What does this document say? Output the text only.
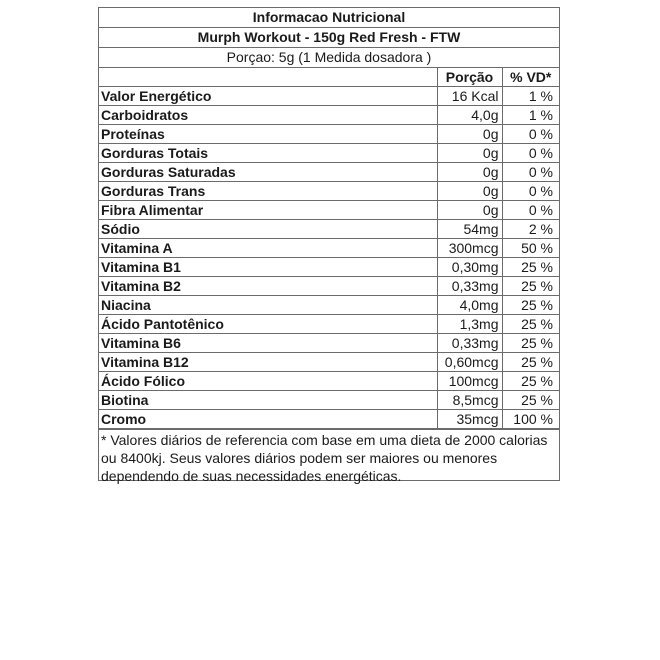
Informacao Nutricional
Murph Workout - 150g Red Fresh - FTW
Porçao: 5g (1 Medida dosadora )
	Porção	% VD*
Valor Energético	16 Kcal	1 %
Carboidratos	4,0g	1 %
Proteínas	0g	0 %
Gorduras Totais	0g	0 %
Gorduras Saturadas	0g	0 %
Gorduras Trans	0g	0 %
Fibra Alimentar	0g	0 %
Sódio	54mg	2 %
Vitamina A	300mcg	50 %
Vitamina B1	0,30mg	25 %
Vitamina B2	0,33mg	25 %
Niacina	4,0mg	25 %
Ácido Pantotênico	1,3mg	25 %
Vitamina B6	0,33mg	25 %
Vitamina B12	0,60mcg	25 %
Ácido Fólico	100mcg	25 %
Biotina	8,5mcg	25 %
Cromo	35mcg	100 %
* Valores diários de referencia com base em uma dieta de 2000 calorias ou 8400kj. Seus valores diários podem ser maiores ou menores dependendo de suas necessidades energéticas.
